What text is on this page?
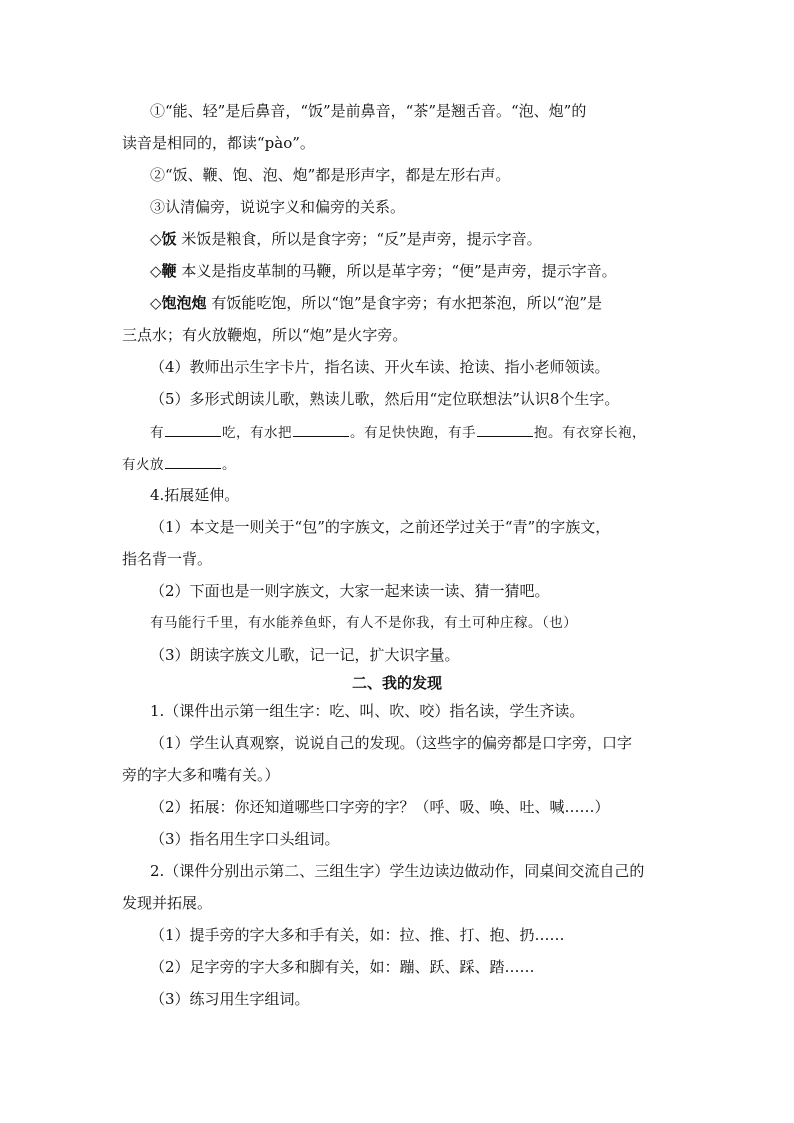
①“能、轻”是后鼻音，“饭”是前鼻音，“茶”是翘舌音。“泡、炮”的
读音是相同的，都读“pào”。
②“饭、鞭、饱、泡、炮”都是形声字，都是左形右声。
③认清偏旁，说说字义和偏旁的关系。
◇饭 米饭是粮食，所以是食字旁；“反”是声旁，提示字音。
◇鞭 本义是指皮革制的马鞭，所以是革字旁；“便”是声旁，提示字音。
◇饱泡炮 有饭能吃饱，所以“饱”是食字旁；有水把茶泡，所以“泡”是
三点水；有火放鞭炮，所以“炮”是火字旁。
（4）教师出示生字卡片，指名读、开火车读、抢读、指小老师领读。
（5）多形式朗读儿歌，熟读儿歌，然后用“定位联想法”认识8个生字。
有	吃，有水把	。有足快快跑，有手	抱。有衣穿长袍，
有火放	。
4.拓展延伸。
（1）本文是一则关于“包”的字族文，之前还学过关于“青”的字族文，
指名背一背。
（2）下面也是一则字族文，大家一起来读一读、猜一猜吧。
有马能行千里，有水能养鱼虾，有人不是你我，有土可种庄稼。（也）
（3）朗读字族文儿歌，记一记，扩大识字量。
二、我的发现
1.（课件出示第一组生字：吃、叫、吹、咬）指名读，学生齐读。
（1）学生认真观察，说说自己的发现。（这些字的偏旁都是口字旁，口字
旁的字大多和嘴有关。）
（2）拓展：你还知道哪些口字旁的字？（呼、吸、唤、吐、喊……）
（3）指名用生字口头组词。
2.（课件分别出示第二、三组生字）学生边读边做动作，同桌间交流自己的
发现并拓展。
（1）提手旁的字大多和手有关，如：拉、推、打、抱、扔……
（2）足字旁的字大多和脚有关，如：蹦、跃、踩、踏……
（3）练习用生字组词。
